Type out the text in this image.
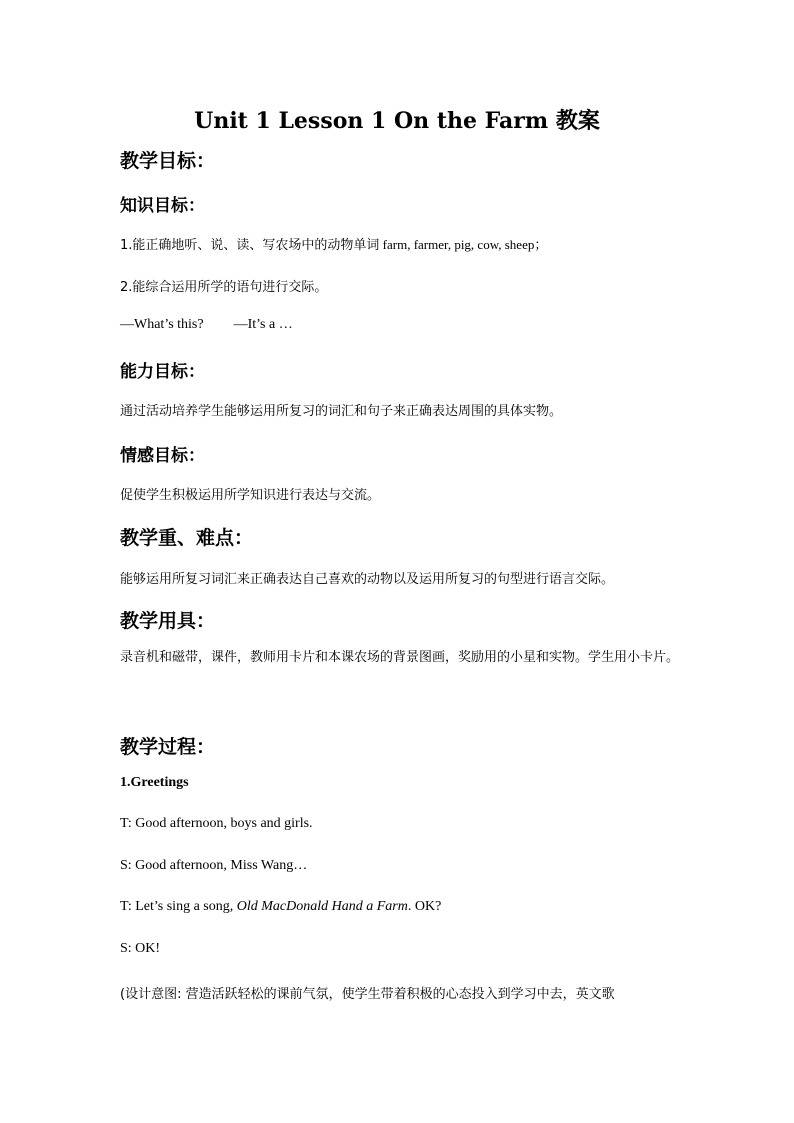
Unit 1 Lesson 1 On the Farm 教案
教学目标：
知识目标：
1.能正确地听、说、读、写农场中的动物单词 farm, farmer, pig, cow, sheep；
2.能综合运用所学的语句进行交际。
—What’s this? —It’s a …
能力目标：
通过活动培养学生能够运用所复习的词汇和句子来正确表达周围的具体实物。
情感目标：
促使学生积极运用所学知识进行表达与交流。
教学重、难点：
能够运用所复习词汇来正确表达自己喜欢的动物以及运用所复习的句型进行语言交际。
教学用具：
录音机和磁带，课件，教师用卡片和本课农场的背景图画，奖励用的小星和实物。学生用小卡片。
教学过程：
1.Greetings
T: Good afternoon, boys and girls.
S: Good afternoon, Miss Wang…
T: Let’s sing a song, Old MacDonald Hand a Farm. OK?
S: OK!
(设计意图: 营造活跃轻松的课前气氛，使学生带着积极的心态投入到学习中去，英文歌
